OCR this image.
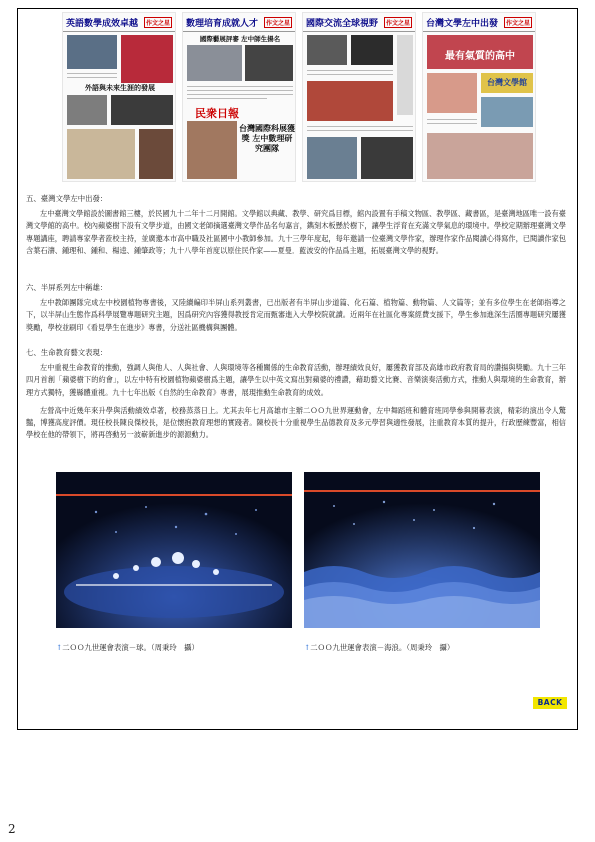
英語數學成效卓越	作文之星
外語與未來生涯的發展
數理培育成就人才	作文之星
國際藝展評審 左中師生揚名
民衆日報
台灣國際科展獲獎 左中數理研究團隊
國際交流全球視野	作文之星 台灣文學左中出發	作文之星
最有氣質的高中
台灣文學館
五、臺灣文學左中出發：

左中臺灣文學館設於圖書館三樓，於民國九十二年十二月開館。文學館以典藏、教學、研究爲目標，館內設置有手稿文物區、教學區、藏書區，是臺灣地區唯一設有臺灣文學館的高中。校內蘋婆樹下設有文學步道，由國文老師摘選臺灣文學作品名句嘉言，鐫刻木板懸於樹下，讓學生浮育在充滿文學氣息的環境中。學校定期辦理臺灣文學專題講座，聘請專家學者蒞校主持，並廣邀本市高中職及社區國中小教師參加。九十三學年度起，每年邀請一位臺灣文學作家，辦理作家作品閱讀心得寫作，已閱讀作家包含葉石濤、鍾理和、鍾和、楊逵、鍾肇政等；九十八學年首度以原住民作家——夏曼．藍波安的作品爲主題，拓展臺灣文學的視野。

六、半屏系列左中稱雄：

左中教師團隊完成左中校園植物專書後，又陸續編印半屏山系列叢書，已出版者有半屏山步道篇、化石篇、植物篇、動物篇、人文篇等；並有多位學生在老師指導之下，以半屏山生態作爲科學展覽專題研究主題，因爲研究內容獲得教授肯定而甄審進入大學校院就讀。近兩年在社區化專案經費支援下，學生參加進深生活圈專題研究屢獲獎勵，學校並刷印《看見學生在進步》專書，分送社區機構與團體。

七、生命教育藝文表現：

左中重視生命教育的推動，強調人與他人、人與社會、人與環境等各種關係的生命教育活動，辦理績效良好，屢獲教育部及高雄市政府教育局的讚揚與獎勵。九十三年四月首創「蘋婆樹下的約會」，以左中特有校園植物蘋婆樹爲主題，讓學生以中英文寫出對蘋婆的禮讚，藉助藝文比賽、音樂演奏活動方式，推動人與環境的生命教育，辦理方式獨特，獲縣體重視。九十七年出版《自然的生命教育》專書，展現推動生命教育的成效。

左營高中近幾年來升學與活動績效卓著，校務蒸蒸日上。尤其去年七月高雄市主辦二ＯＯ九世界運動會，左中舞蹈班和體育班同學參與開幕表演，精彩的演出令人驚豔，博獲高度評價。現任校長陳良傑校長，是位懷抱教育理想的實踐者。陳校長十分重視學生品德教育及多元學習與適性發展，注重教育本質的提升，行政歷練豐富，相信學校在他的帶領下，將再啓動另一波嶄新進步的源源動力。

↑二ＯＯ九世運會表演－球。（周秉玲　攝）	↑二ＯＯ九世運會表演－海浪。（周秉玲　攝）
BACK
2
